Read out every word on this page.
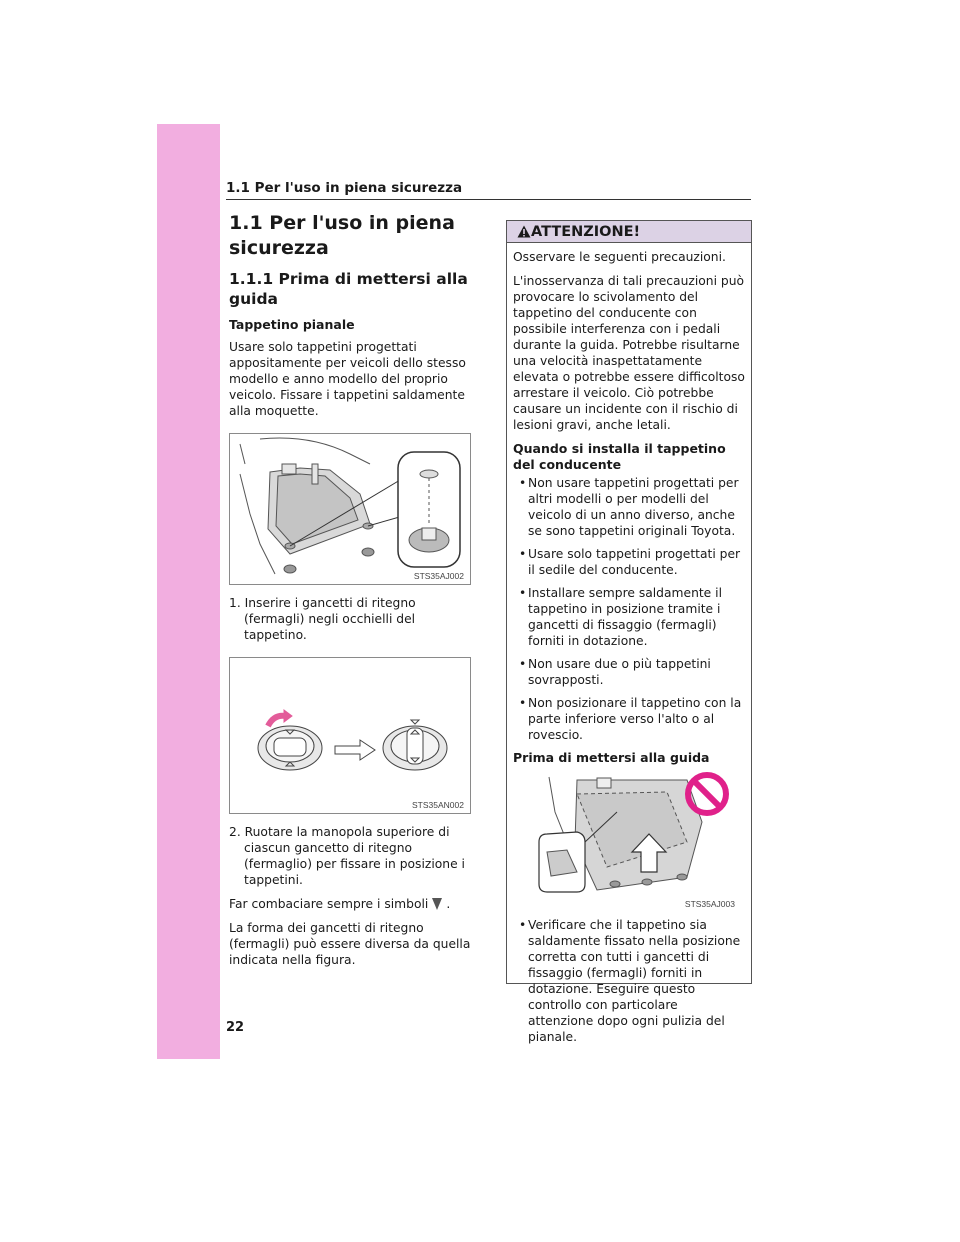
1.1 Per l'uso in piena sicurezza
22
1.1 Per l'uso in piena sicurezza
1.1.1 Prima di mettersi alla guida
Tappetino pianale
Usare solo tappetini progettati appositamente per veicoli dello stesso modello e anno modello del proprio veicolo. Fissare i tappetini saldamente alla moquette.
STS35AJ002
1. Inserire i gancetti di ritegno (fermagli) negli occhielli del tappetino.
STS35AN002
2. Ruotare la manopola superiore di ciascun gancetto di ritegno (fermaglio) per fissare in posizione i tappetini.
Far combaciare sempre i simboli .
La forma dei gancetti di ritegno (fermagli) può essere diversa da quella indicata nella figura.
ATTENZIONE!
Osservare le seguenti precauzioni.
L'inosservanza di tali precauzioni può provocare lo scivolamento del tappetino del conducente con possibile interferenza con i pedali durante la guida. Potrebbe risultarne una velocità inaspettatamente elevata o potrebbe essere difficoltoso arrestare il veicolo. Ciò potrebbe causare un incidente con il rischio di lesioni gravi, anche letali.
Quando si installa il tappetino del conducente
• Non usare tappetini progettati per altri modelli o per modelli del veicolo di un anno diverso, anche se sono tappetini originali Toyota.
• Usare solo tappetini progettati per il sedile del conducente.
• Installare sempre saldamente il tappetino in posizione tramite i gancetti di fissaggio (fermagli) forniti in dotazione.
• Non usare due o più tappetini sovrapposti.
• Non posizionare il tappetino con la parte inferiore verso l'alto o al rovescio.
Prima di mettersi alla guida
STS35AJ003
• Verificare che il tappetino sia saldamente fissato nella posizione corretta con tutti i gancetti di fissaggio (fermagli) forniti in dotazione. Eseguire questo controllo con particolare attenzione dopo ogni pulizia del pianale.
